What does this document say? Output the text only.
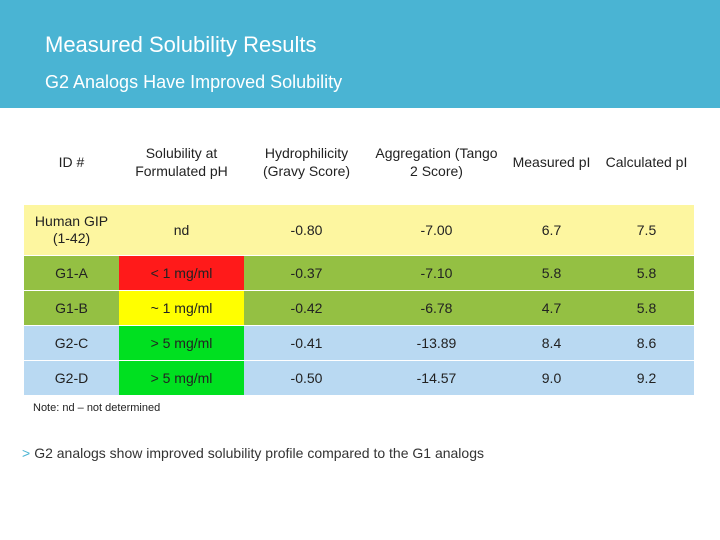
Measured Solubility Results
G2 Analogs Have Improved Solubility
ID #	Solubility at Formulated pH	Hydrophilicity (Gravy Score)	Aggregation (Tango 2 Score)	Measured pI	Calculated pI
Human GIP (1-42)	nd	-0.80	-7.00	6.7	7.5
G1-A	< 1 mg/ml	-0.37	-7.10	5.8	5.8
G1-B	~ 1 mg/ml	-0.42	-6.78	4.7	5.8
G2-C	> 5 mg/ml	-0.41	-13.89	8.4	8.6
G2-D	> 5 mg/ml	-0.50	-14.57	9.0	9.2
Note: nd – not determined
> G2 analogs show improved solubility profile compared to the G1 analogs
